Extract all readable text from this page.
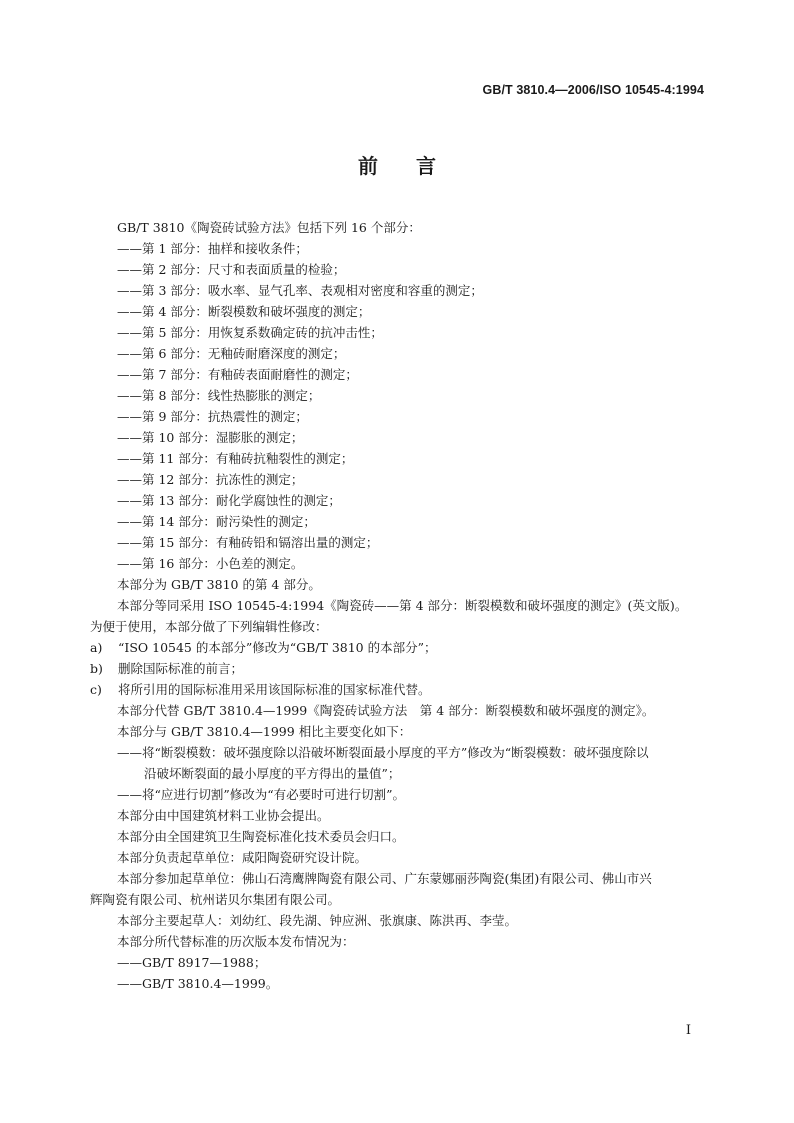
GB/T 3810.4—2006/ISO 10545-4:1994
前言
GB/T 3810《陶瓷砖试验方法》包括下列 16 个部分：
——第 1 部分：抽样和接收条件；
——第 2 部分：尺寸和表面质量的检验；
——第 3 部分：吸水率、显气孔率、表观相对密度和容重的测定；
——第 4 部分：断裂模数和破坏强度的测定；
——第 5 部分：用恢复系数确定砖的抗冲击性；
——第 6 部分：无釉砖耐磨深度的测定；
——第 7 部分：有釉砖表面耐磨性的测定；
——第 8 部分：线性热膨胀的测定；
——第 9 部分：抗热震性的测定；
——第 10 部分：湿膨胀的测定；
——第 11 部分：有釉砖抗釉裂性的测定；
——第 12 部分：抗冻性的测定；
——第 13 部分：耐化学腐蚀性的测定；
——第 14 部分：耐污染性的测定；
——第 15 部分：有釉砖铅和镉溶出量的测定；
——第 16 部分：小色差的测定。
本部分为 GB/T 3810 的第 4 部分。
本部分等同采用 ISO 10545-4:1994《陶瓷砖——第 4 部分：断裂模数和破坏强度的测定》(英文版)。
为便于使用，本部分做了下列编辑性修改：
a) “ISO 10545 的本部分”修改为“GB/T 3810 的本部分”；
b) 删除国际标准的前言；
c) 将所引用的国际标准用采用该国际标准的国家标准代替。
本部分代替 GB/T 3810.4—1999《陶瓷砖试验方法　第 4 部分：断裂模数和破坏强度的测定》。
本部分与 GB/T 3810.4—1999 相比主要变化如下：
——将“断裂模数：破坏强度除以沿破坏断裂面最小厚度的平方”修改为“断裂模数：破坏强度除以
沿破坏断裂面的最小厚度的平方得出的量值”；
——将“应进行切割”修改为“有必要时可进行切割”。
本部分由中国建筑材料工业协会提出。
本部分由全国建筑卫生陶瓷标准化技术委员会归口。
本部分负责起草单位：咸阳陶瓷研究设计院。
本部分参加起草单位：佛山石湾鹰牌陶瓷有限公司、广东蒙娜丽莎陶瓷(集团)有限公司、佛山市兴
辉陶瓷有限公司、杭州诺贝尔集团有限公司。
本部分主要起草人：刘幼红、段先湖、钟应洲、张旗康、陈洪再、李莹。
本部分所代替标准的历次版本发布情况为：
——GB/T 8917—1988；
——GB/T 3810.4—1999。
I
